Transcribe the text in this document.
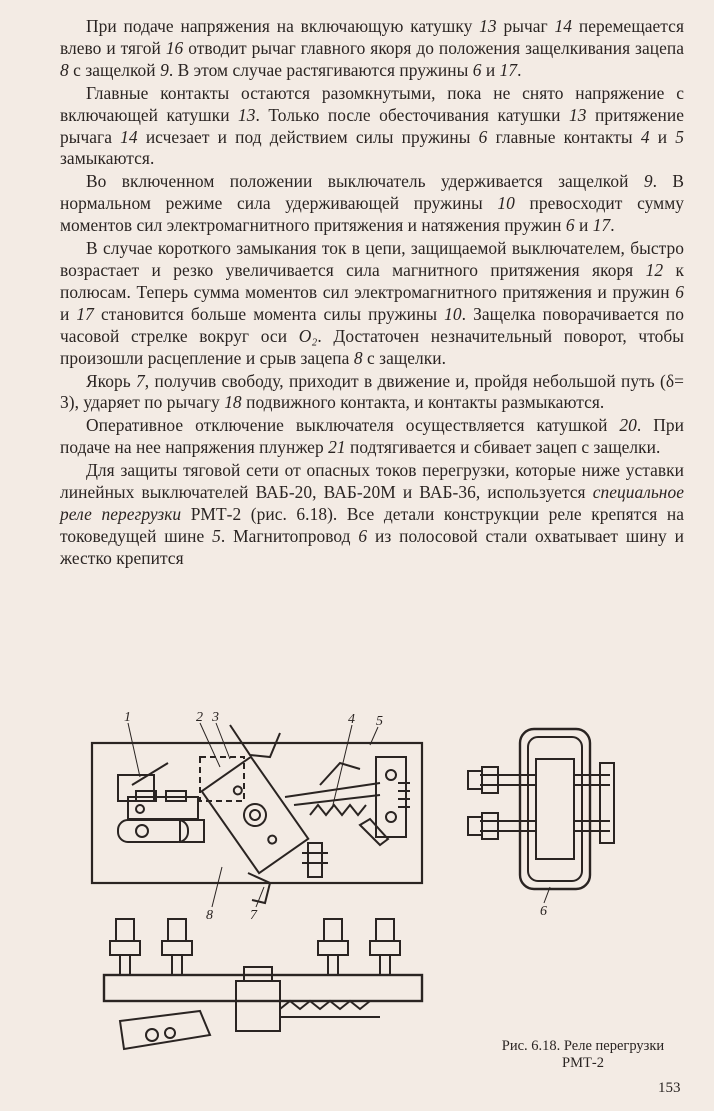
При подаче напряжения на включающую катушку 13 рычаг 14 перемещается влево и тягой 16 отводит рычаг главного якоря до положения защелкивания зацепа 8 с защелкой 9. В этом случае растягиваются пружины 6 и 17.

Главные контакты остаются разомкнутыми, пока не снято напряжение с включающей катушки 13. Только после обесточивания катушки 13 притяжение рычага 14 исчезает и под действием силы пружины 6 главные контакты 4 и 5 замыкаются.

Во включенном положении выключатель удерживается защелкой 9. В нормальном режиме сила удерживающей пружины 10 превосходит сумму моментов сил электромагнитного притяжения и натяжения пружин 6 и 17.

В случае короткого замыкания ток в цепи, защищаемой выключателем, быстро возрастает и резко увеличивается сила магнитного притяжения якоря 12 к полюсам. Теперь сумма моментов сил электромагнитного притяжения и пружин 6 и 17 становится больше момента силы пружины 10. Защелка поворачивается по часовой стрелке вокруг оси O₂. Достаточен незначительный поворот, чтобы произошли расцепление и срыв зацепа 8 с защелки.

Якорь 7, получив свободу, приходит в движение и, пройдя небольшой путь (δ= 3), ударяет по рычагу 18 подвижного контакта, и контакты размыкаются.

Оперативное отключение выключателя осуществляется катушкой 20. При подаче на нее напряжения плунжер 21 подтягивается и сбивает зацеп с защелки.

Для защиты тяговой сети от опасных токов перегрузки, которые ниже уставки линейных выключателей ВАБ-20, ВАБ-20М и ВАБ-36, используется специальное реле перегрузки РМТ-2 (рис. 6.18). Все детали конструкции реле крепятся на токоведущей шине 5. Магнитопровод 6 из полосовой стали охватывает шину и жестко крепится

1	2 3	4 5
8	7	6
Рис. 6.18. Реле перегрузки
РМТ-2
153
